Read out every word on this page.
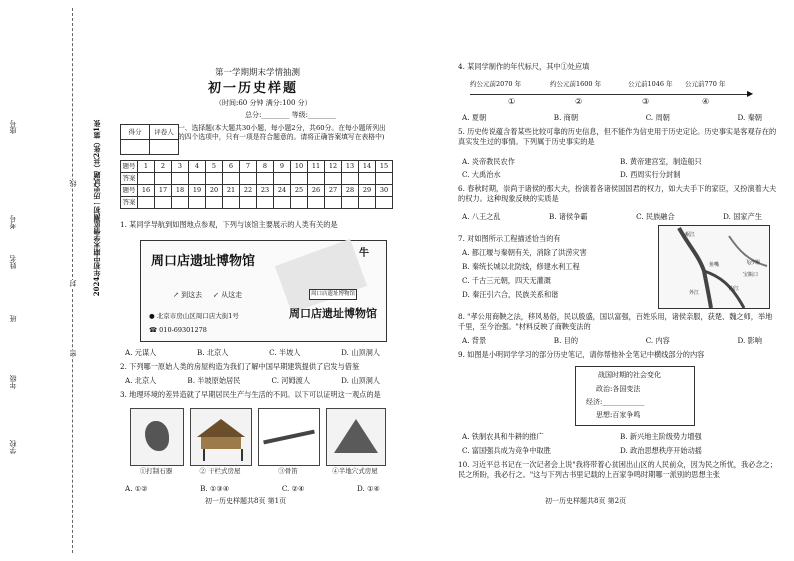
学校
年级
班
姓名
考号
座号
密
封
线 2024年初中期末学情监测初一历史试题（共2张）第1张
第一学期期末学情抽测
初一历史样题
（时间:60 分钟 满分:100 分）
总分:________ 等级:________
得分	评卷人
	一、选择题(本大题共30小题，每小题2分，共60分。在每小题所列出的四个选项中，只有一项是符合题意的。请将正确答案填写在表格中)
题号	1	2	3	4	5	6	7	8	9	10	11	12	13	14	15
答案															
题号	16	17	18	19	20	21	22	23	24	25	26	27	28	29	30
答案															
1. 某同学导航到如图地点参观，下列与该馆主要展示的人类有关的是
周口店遗址博物馆
牛
周口店遗址博物馆
↗ 到这去 ↙ 从这走
● 北京市房山区周口店大街1号	周口店遗址博物馆
☎ 010-69301278
A. 元谋人	B. 北京人	C. 半坡人	D. 山顶洞人
2. 下列哪一原始人类的房屋构造为我们了解中国早期建筑提供了启发与借鉴
A. 北京人	B. 半坡原始居民	C. 河姆渡人	D. 山顶洞人
3. 地理环境的差异造就了早期居民生产与生活的不同。以下可以证明这一观点的是
①打制石器	② 干栏式房屋	③骨笛	④半地穴式房屋
A. ①②	B. ①③④	C. ②④	D. ①④
初一历史样题共8页 第1页
4. 某同学制作的年代标尺，其中①处应填
约公元前2070 年	约公元前1600 年	公元前1046 年 公元前770 年
▶
①	②	③	④
A. 夏朝	B. 商朝	C. 周朝	D. 秦朝
5. 历史传说蕴含着某些比较可靠的历史信息，但不能作为信史用于历史定论。历史事实是客观存在的真实发生过的事情。下列属于历史事实的是
A. 炎帝教民农作	B. 黄帝建宫室，制造船只
C. 大禹治水	D. 西周实行分封制
6. 春秋时期，崇尚于诸侯的那大夫，扮演着各诸侯国国君的权力，如大夫手下的家臣，又扮演着大夫的权力。这种现象反映的实质是
A. 八王之乱	B. 诸侯争霸	C. 民族融合	D. 国家产生
7. 对如图所示工程描述恰当的有
A. 都江堰与秦朝有关，消除了洪涝灾害
B. 秦统长城以北防线，修建水利工程
C. 千古三元朝，四天无灌溉
D. 秦汪引六合，民族关系和谐
岷江
内江
外江
飞沙堰
宝瓶口
鱼嘴
8. "孝公用商鞅之法，移风易俗，民以殷盛，国以富强，百姓乐用，诸侯亲服，获楚、魏之师，举地千里，至今治强。"材料反映了商鞅变法的
A. 背景	B. 目的	C. 内容	D. 影响
9. 如图是小明同学学习的部分历史笔记，请你帮他补全笔记中横线部分的内容
战国时期的社会变化
政治:各国变法
经济:____________
思想:百家争鸣
A. 铁制农具和牛耕的推广	B. 新兴地主阶级势力增强
C. 富国强兵成为竞争中取胜	D. 政治思想秩序开始动摇
10. 习近平总书记在一次记者会上说"我将带着心贫困出山区的人民前众，因为民之所忧，我必念之；民之所盼，我必行之。"这与下列古书里记载的上百家争鸣时期哪一派别的思想主张
初一历史样题共8页 第2页
